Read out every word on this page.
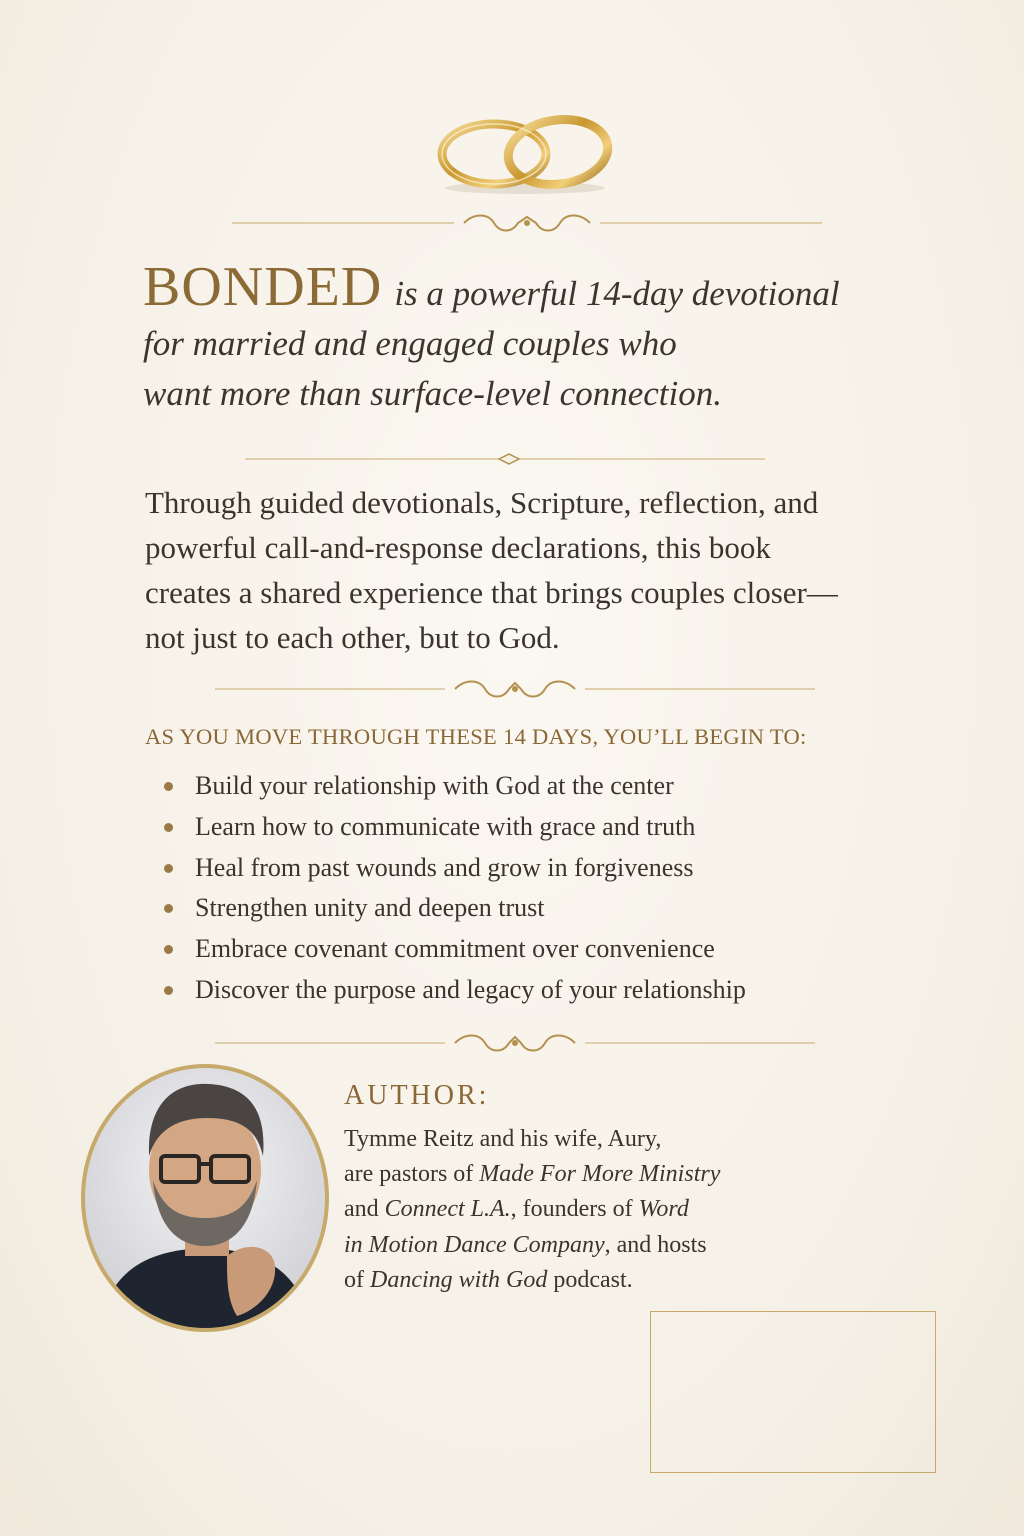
BONDED is a powerful 14-day devotional
for married and engaged couples who
want more than surface-level connection.
Through guided devotionals, Scripture, reflection, and
powerful call-and-response declarations, this book
creates a shared experience that brings couples closer—
not just to each other, but to God.
AS YOU MOVE THROUGH THESE 14 DAYS, YOU’LL BEGIN TO:
Build your relationship with God at the center
Learn how to communicate with grace and truth
Heal from past wounds and grow in forgiveness
Strengthen unity and deepen trust
Embrace covenant commitment over convenience
Discover the purpose and legacy of your relationship
AUTHOR:
Tymme Reitz and his wife, Aury,
are pastors of Made For More Ministry
and Connect L.A., founders of Word
in Motion Dance Company, and hosts
of Dancing with God podcast.
